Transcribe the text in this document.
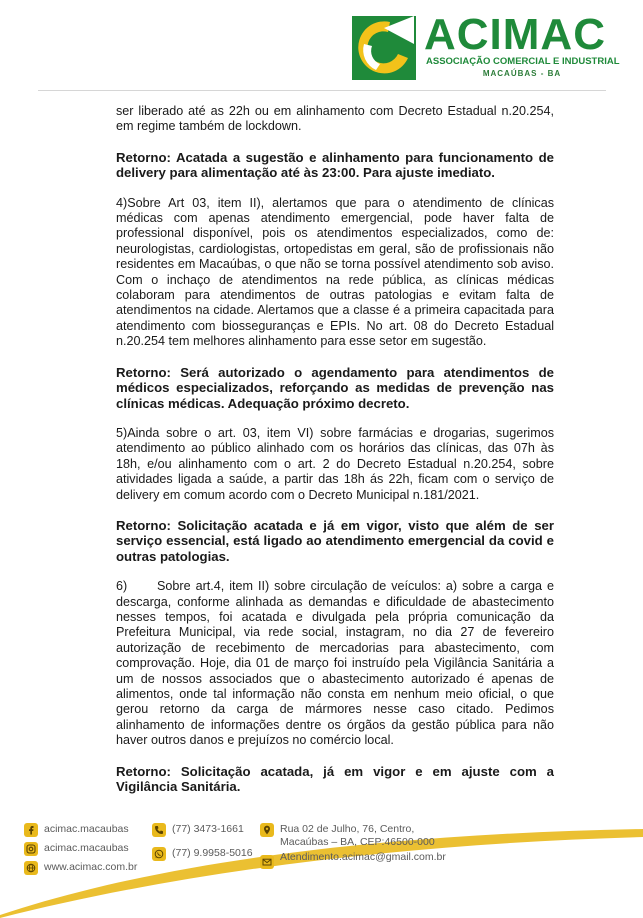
ACIMAC
ASSOCIAÇÃO COMERCIAL E INDUSTRIAL
MACAÚBAS - BA

ser liberado até as 22h ou em alinhamento com Decreto Estadual n.20.254, em regime também de lockdown.

Retorno: Acatada a sugestão e alinhamento para funcionamento de delivery para alimentação até às 23:00. Para ajuste imediato.

4)Sobre Art 03, item II), alertamos que para o atendimento de clínicas médicas com apenas atendimento emergencial, pode haver falta de professional disponível, pois os atendimentos especializados, como de: neurologistas, cardiologistas, ortopedistas em geral, são de profissionais não residentes em Macaúbas, o que não se torna possível atendimento sob aviso. Com o inchaço de atendimentos na rede pública, as clínicas médicas colaboram para atendimentos de outras patologias e evitam falta de atendimentos na cidade. Alertamos que a classe é a primeira capacitada para atendimento com biosseguranças e EPIs. No art. 08 do Decreto Estadual n.20.254 tem melhores alinhamento para esse setor em sugestão.

Retorno: Será autorizado o agendamento para atendimentos de médicos especializados, reforçando as medidas de prevenção nas clínicas médicas. Adequação próximo decreto.

5)Ainda sobre o art. 03, item VI) sobre farmácias e drogarias, sugerimos atendimento ao público alinhado com os horários das clínicas, das 07h às 18h, e/ou alinhamento com o art. 2 do Decreto Estadual n.20.254, sobre atividades ligada a saúde, a partir das 18h ás 22h, ficam com o serviço de delivery em comum acordo com o Decreto Municipal n.181/2021.

Retorno: Solicitação acatada e já em vigor, visto que além de ser serviço essencial, está ligado ao atendimento emergencial da covid e outras patologias.

6)      Sobre art.4, item II) sobre circulação de veículos: a) sobre a carga e descarga, conforme alinhada as demandas e dificuldade de abastecimento nesses tempos, foi acatada e divulgada pela própria comunicação da Prefeitura Municipal, via rede social, instagram, no dia 27 de fevereiro autorização de recebimento de mercadorias para abastecimento, com comprovação. Hoje, dia 01 de março foi instruído pela Vigilância Sanitária a um de nossos associados que o abastecimento autorizado é apenas de alimentos, onde tal informação não consta em nenhum meio oficial, o que gerou retorno da carga de mármores nesse caso citado. Pedimos alinhamento de informações dentre os órgãos da gestão pública para não haver outros danos e prejuízos no comércio local.

Retorno: Solicitação acatada, já em vigor e em ajuste com a Vigilância Sanitária.

acimac.macaubas
acimac.macaubas
www.acimac.com.br
(77) 3473-1661
(77) 9.9958-5016
Rua 02 de Julho, 76, Centro, Macaúbas – BA, CEP:46500-000
Atendimento.acimac@gmail.com.br
